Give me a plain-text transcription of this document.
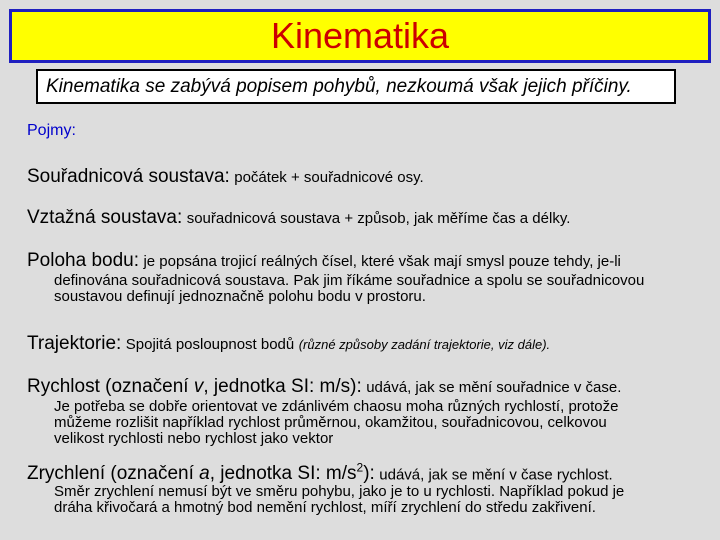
Kinematika
Kinematika se zabývá popisem pohybů, nezkoumá však jejich příčiny.
Pojmy:
Souřadnicová soustava: počátek + souřadnicové osy.
Vztažná soustava: souřadnicová soustava + způsob, jak měříme čas a délky.
Poloha bodu: je popsána trojicí reálných čísel, které však mají smysl pouze tehdy, je-li
definována souřadnicová soustava. Pak jim říkáme souřadnice a spolu se souřadnicovou
soustavou definují jednoznačně polohu bodu v prostoru.
Trajektorie: Spojitá posloupnost bodů (různé způsoby zadání trajektorie, viz dále).
Rychlost (označení v, jednotka SI: m/s): udává, jak se mění souřadnice v čase.
Je potřeba se dobře orientovat ve zdánlivém chaosu moha různých rychlostí, protože
můžeme rozlišit například rychlost průměrnou, okamžitou, souřadnicovou, celkovou
velikost rychlosti nebo rychlost jako vektor
Zrychlení (označení a, jednotka SI: $m/s^2$): udává, jak se mění v čase rychlost.
Směr zrychlení nemusí být ve směru pohybu, jako je to u rychlosti. Například pokud je
dráha křivočará a hmotný bod nemění rychlost, míří zrychlení do středu zakřivení.
